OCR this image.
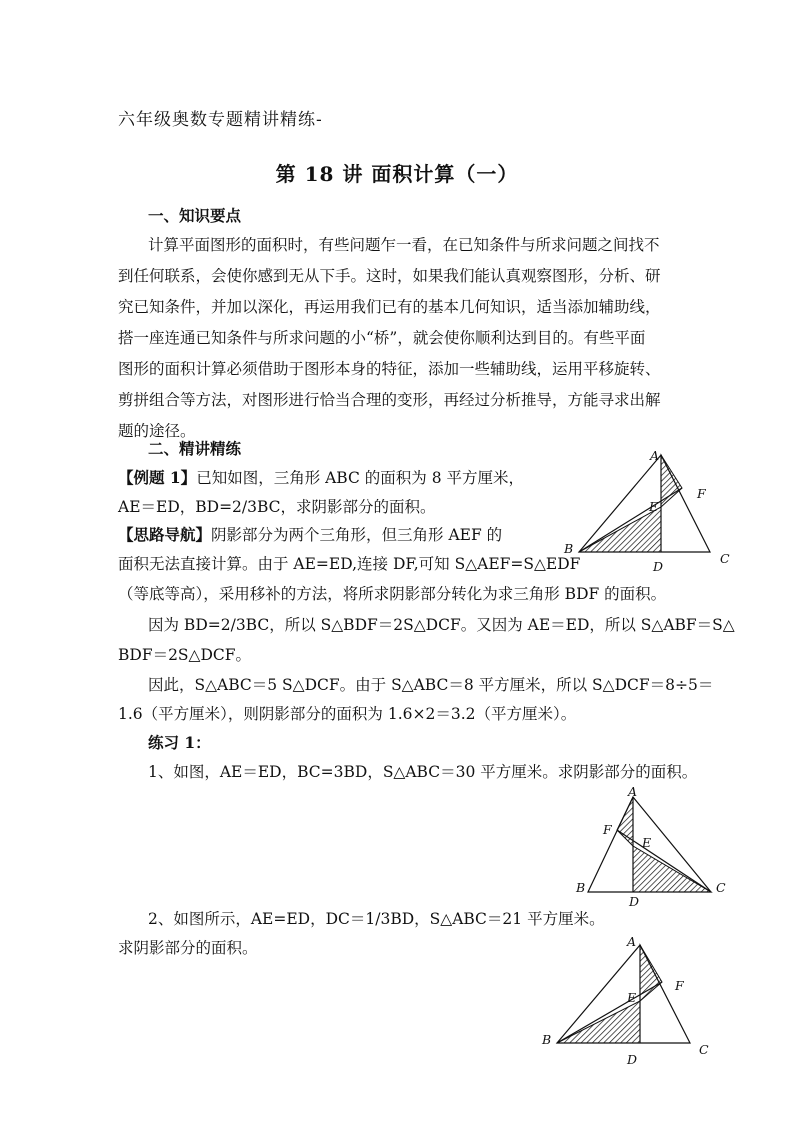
六年级奥数专题精讲精练-
第 18 讲 面积计算（一）
一、知识要点
计算平面图形的面积时，有些问题乍一看，在已知条件与所求问题之间找不
到任何联系，会使你感到无从下手。这时，如果我们能认真观察图形，分析、研
究已知条件，并加以深化，再运用我们已有的基本几何知识，适当添加辅助线，
搭一座连通已知条件与所求问题的小“桥”，就会使你顺利达到目的。有些平面
图形的面积计算必须借助于图形本身的特征，添加一些辅助线，运用平移旋转、
剪拼组合等方法，对图形进行恰当合理的变形，再经过分析推导，方能寻求出解
题的途径。
二、精讲精练
【例题 1】已知如图，三角形 ABC 的面积为 8 平方厘米，
AE＝ED，BD=2/3BC，求阴影部分的面积。
【思路导航】阴影部分为两个三角形，但三角形 AEF 的
面积无法直接计算。由于 AE=ED,连接 DF,可知 S△AEF=S△EDF
（等底等高），采用移补的方法，将所求阴影部分转化为求三角形 BDF 的面积。
因为 BD=2/3BC，所以 S△BDF＝2S△DCF。又因为 AE＝ED，所以 S△ABF＝S△
BDF＝2S△DCF。
因此，S△ABC＝5 S△DCF。由于 S△ABC＝8 平方厘米，所以 S△DCF＝8÷5＝
1.6（平方厘米），则阴影部分的面积为 1.6×2＝3.2（平方厘米）。
练习 1：
1、如图，AE＝ED，BC=3BD，S△ABC＝30 平方厘米。求阴影部分的面积。
2、如图所示，AE=ED，DC＝1/3BD，S△ABC＝21 平方厘米。
求阴影部分的面积。
A
F
E
B
C
D
A
F
E
B	C
D
A
F
E
B
C
D
